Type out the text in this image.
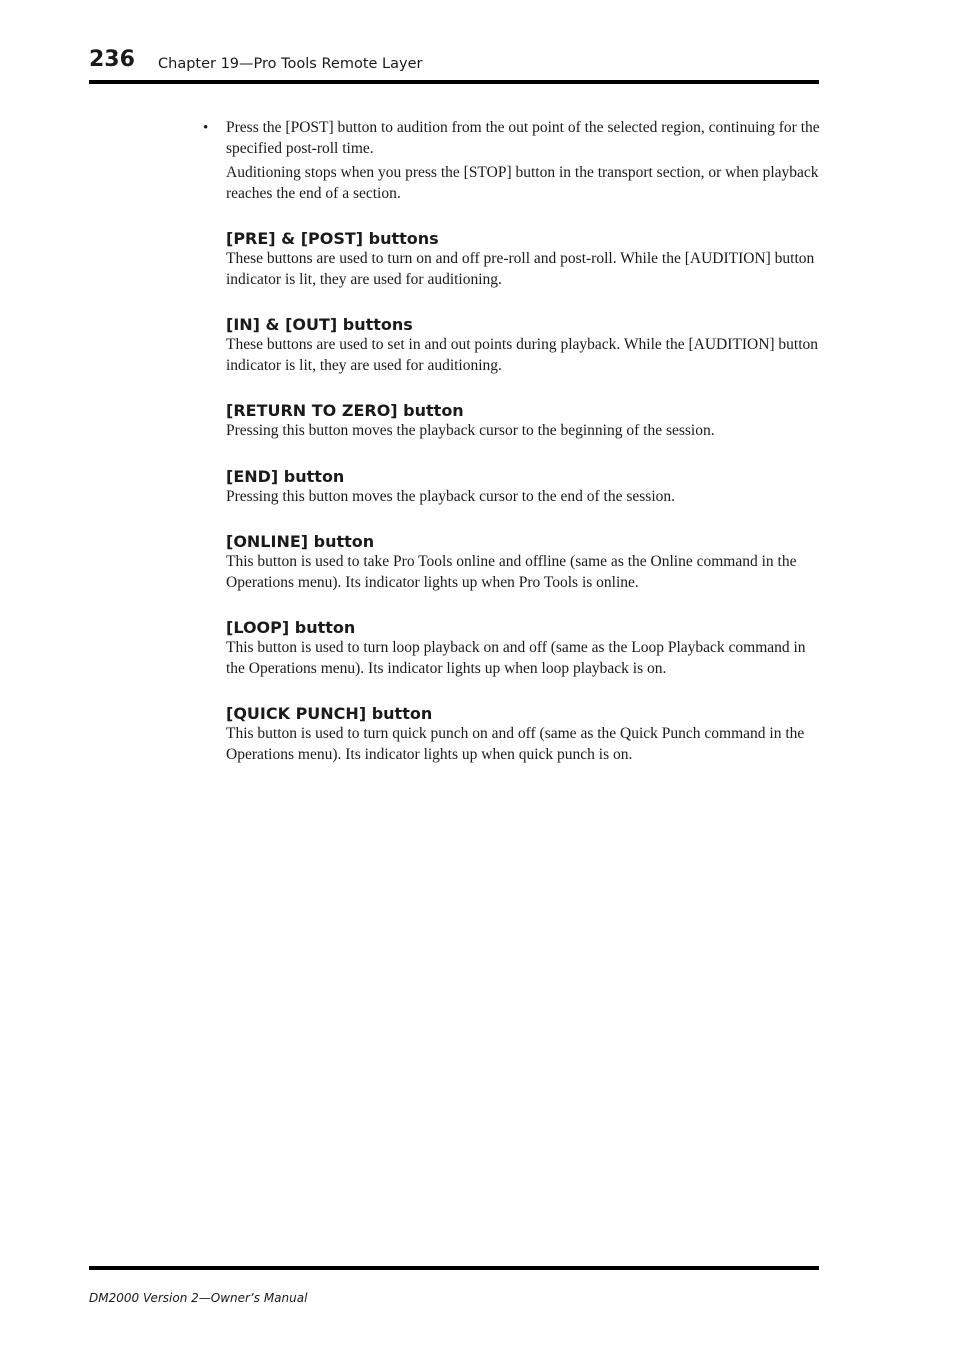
236 Chapter 19—Pro Tools Remote Layer
• Press the [POST] button to audition from the out point of the selected region, continuing for the specified post-roll time.

Auditioning stops when you press the [STOP] button in the transport section, or when playback reaches the end of a section.

[PRE] & [POST] buttons

These buttons are used to turn on and off pre-roll and post-roll. While the [AUDITION] button indicator is lit, they are used for auditioning.

[IN] & [OUT] buttons

These buttons are used to set in and out points during playback. While the [AUDITION] button indicator is lit, they are used for auditioning.

[RETURN TO ZERO] button

Pressing this button moves the playback cursor to the beginning of the session.

[END] button

Pressing this button moves the playback cursor to the end of the session.

[ONLINE] button

This button is used to take Pro Tools online and offline (same as the Online command in the Operations menu). Its indicator lights up when Pro Tools is online.

[LOOP] button

This button is used to turn loop playback on and off (same as the Loop Playback command in the Operations menu). Its indicator lights up when loop playback is on.

[QUICK PUNCH] button

This button is used to turn quick punch on and off (same as the Quick Punch command in the Operations menu). Its indicator lights up when quick punch is on.

DM2000 Version 2—Owner’s Manual
